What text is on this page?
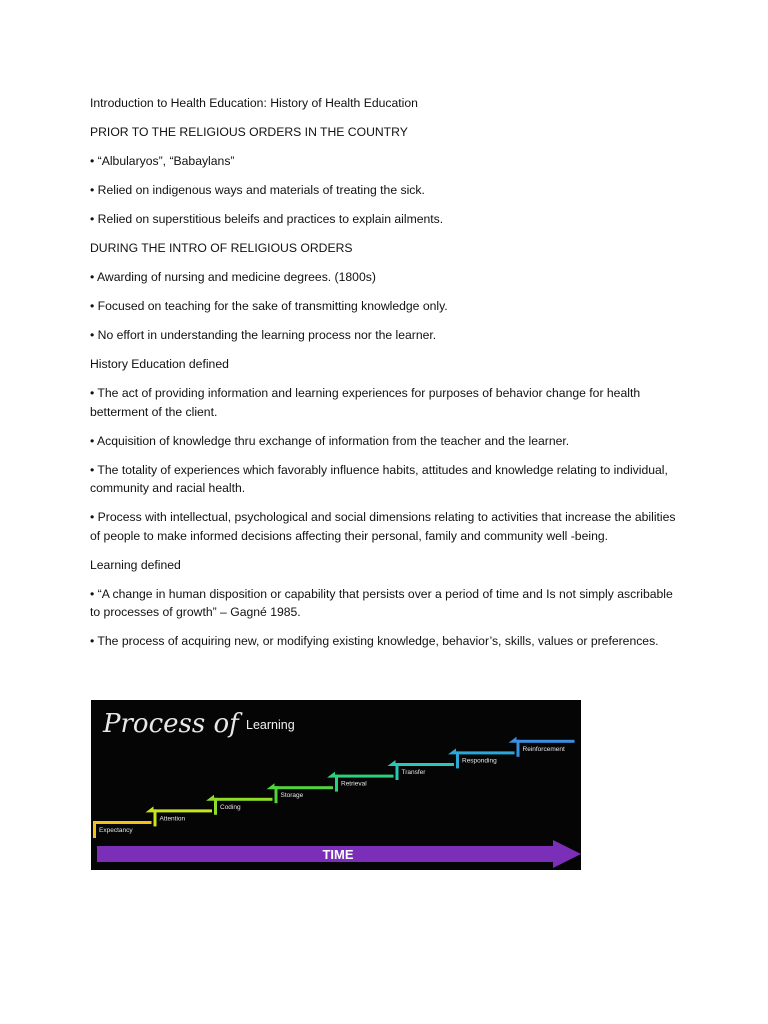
Introduction to Health Education: History of Health Education

PRIOR TO THE RELIGIOUS ORDERS IN THE COUNTRY

• “Albularyos”, “Babaylans”

• Relied on indigenous ways and materials of treating the sick.

• Relied on superstitious beleifs and practices to explain ailments.

DURING THE INTRO OF RELIGIOUS ORDERS

• Awarding of nursing and medicine degrees. (1800s)

• Focused on teaching for the sake of transmitting knowledge only.

• No effort in understanding the learning process nor the learner.

History Education defined

• The act of providing information and learning experiences for purposes of behavior change for health betterment of the client.

• Acquisition of knowledge thru exchange of information from the teacher and the learner.

• The totality of experiences which favorably influence habits, attitudes and knowledge relating to individual, community and racial health.

• Process with intellectual, psychological and social dimensions relating to activities that increase the abilities of people to make informed decisions affecting their personal, family and community well -being.

Learning defined

• “A change in human disposition or capability that persists over a period of time and Is not simply ascribable to processes of growth” – Gagné 1985.

• The process of acquiring new, or modifying existing knowledge, behavior’s, skills, values or preferences.

Process of Learning
Expectancy
Attention
Coding
Storage
Retrieval
Transfer
Responding
Reinforcement
TIME
